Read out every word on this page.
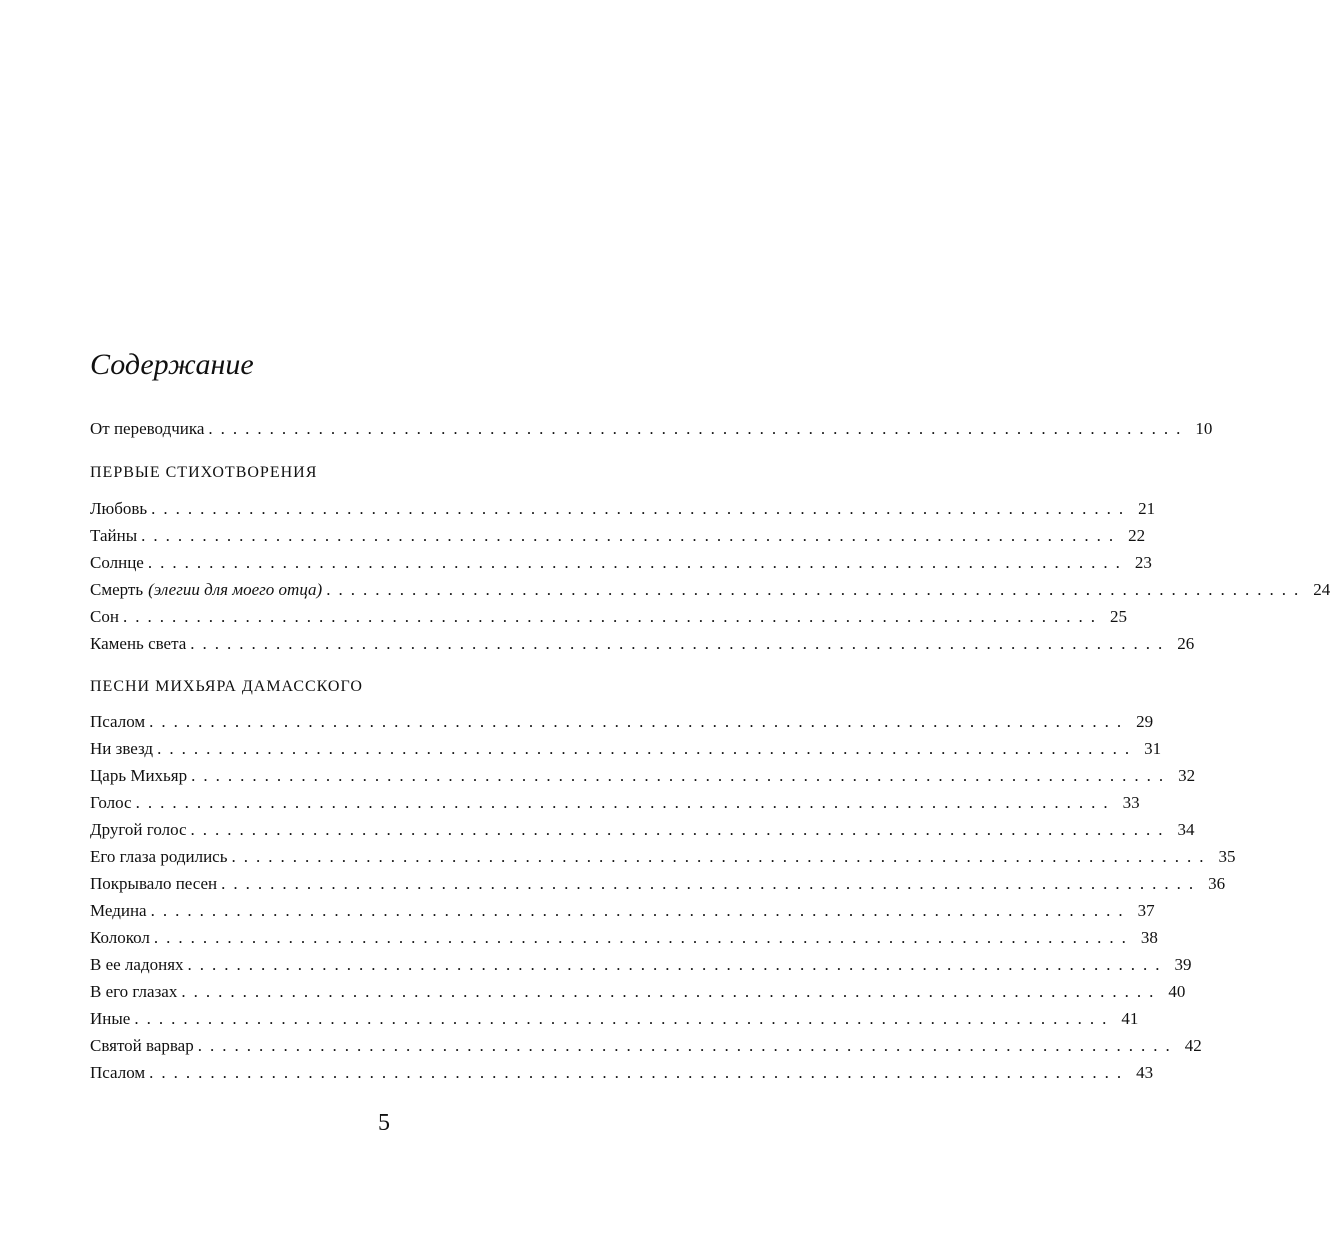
Содержание
От переводчика ................................................................................ 10
ПЕРВЫЕ СТИХОТВОРЕНИЯ
Любовь ................................................................................ 21
Тайны ................................................................................ 22
Солнце ................................................................................ 23
Смерть (элегии для моего отца) ................................................................................ 24
Сон ................................................................................ 25
Камень света ................................................................................ 26
ПЕСНИ МИХЬЯРА ДАМАССКОГО
Псалом ................................................................................ 29
Ни звезд ................................................................................ 31
Царь Михьяр ................................................................................ 32
Голос ................................................................................ 33
Другой голос ................................................................................ 34
Его глаза родились ................................................................................ 35
Покрывало песен ................................................................................ 36
Медина ................................................................................ 37
Колокол ................................................................................ 38
В ее ладонях ................................................................................ 39
В его глазах ................................................................................ 40
Иные ................................................................................ 41
Святой варвар ................................................................................ 42
Псалом ................................................................................ 43
5
